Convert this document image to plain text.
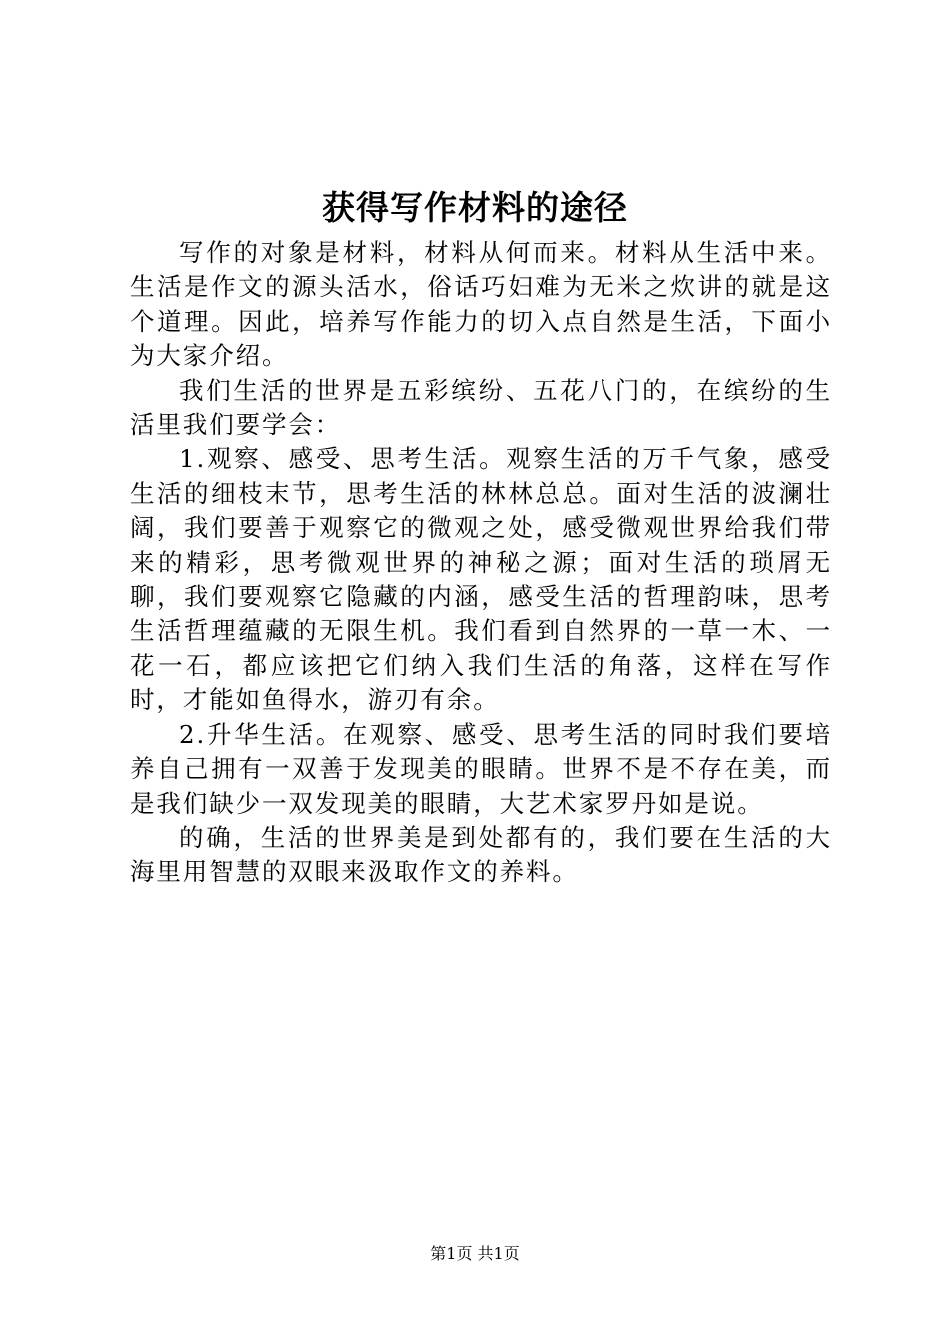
获得写作材料的途径

写作的对象是材料，材料从何而来。材料从生活中来。生活是作文的源头活水，俗话巧妇难为无米之炊讲的就是这个道理。因此，培养写作能力的切入点自然是生活，下面小为大家介绍。

我们生活的世界是五彩缤纷、五花八门的，在缤纷的生活里我们要学会：

1.观察、感受、思考生活。观察生活的万千气象，感受生活的细枝末节，思考生活的林林总总。面对生活的波澜壮阔，我们要善于观察它的微观之处，感受微观世界给我们带来的精彩，思考微观世界的神秘之源；面对生活的琐屑无聊，我们要观察它隐藏的内涵，感受生活的哲理韵味，思考生活哲理蕴藏的无限生机。我们看到自然界的一草一木、一花一石，都应该把它们纳入我们生活的角落，这样在写作时，才能如鱼得水，游刃有余。

2.升华生活。在观察、感受、思考生活的同时我们要培养自己拥有一双善于发现美的眼睛。世界不是不存在美，而是我们缺少一双发现美的眼睛，大艺术家罗丹如是说。

的确，生活的世界美是到处都有的，我们要在生活的大海里用智慧的双眼来汲取作文的养料。

第1页 共1页
